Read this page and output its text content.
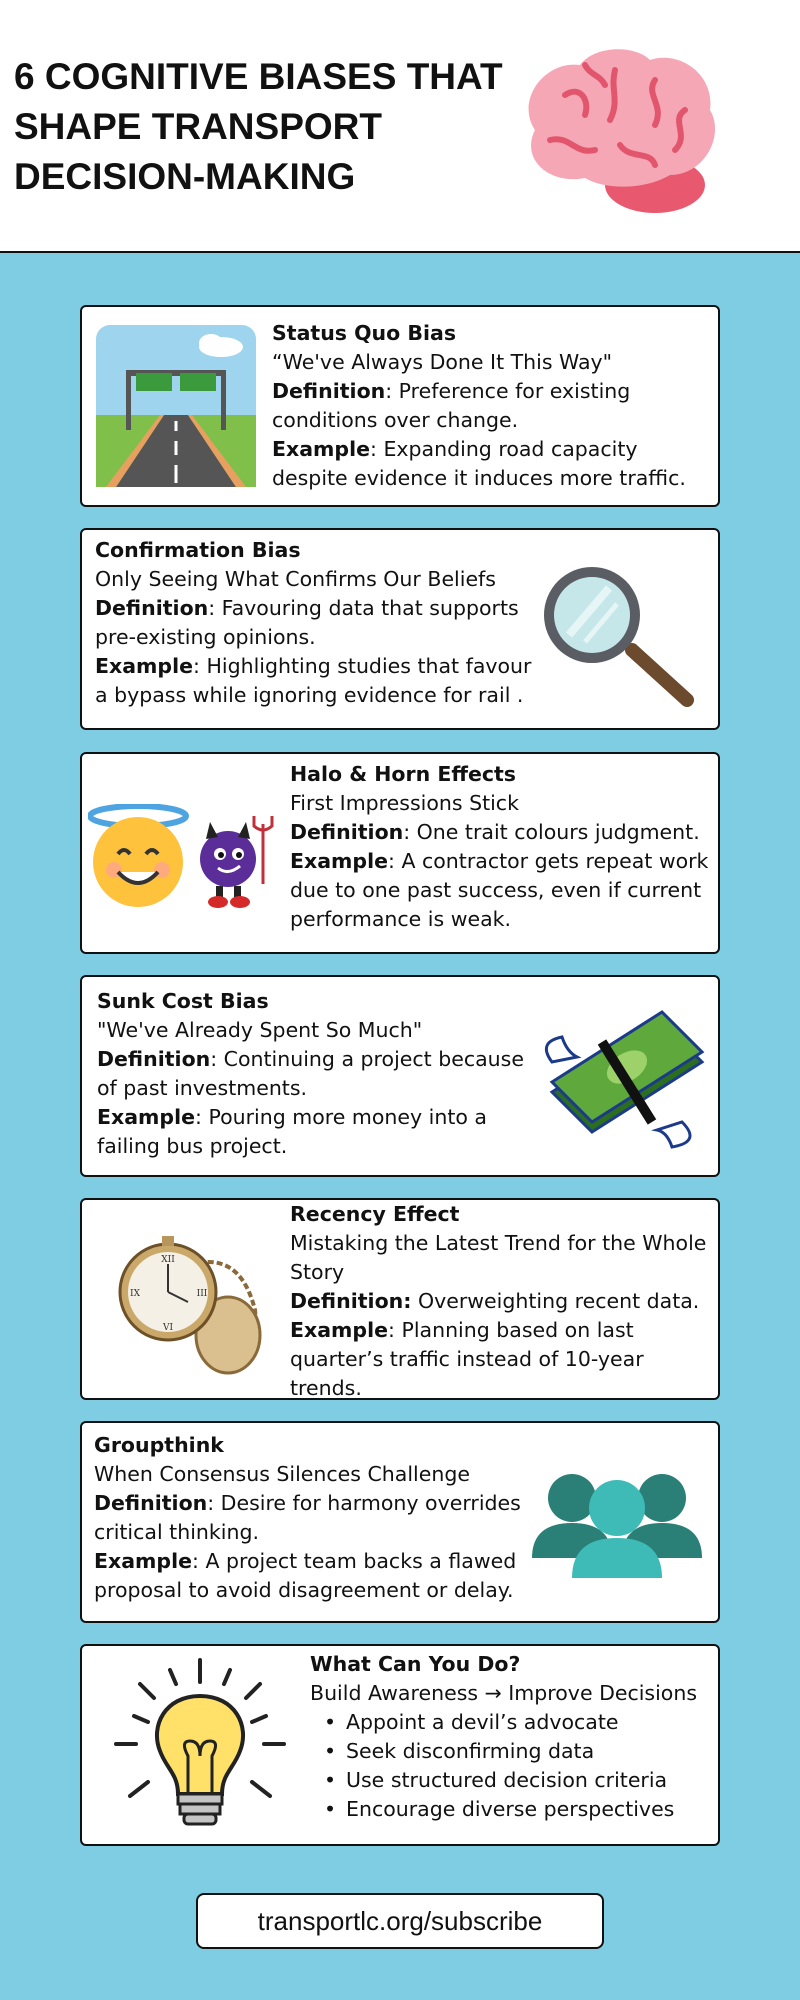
6 COGNITIVE BIASES THAT
SHAPE TRANSPORT
DECISION-MAKING
Status Quo Bias
“We've Always Done It This Way"
Definition: Preference for existing conditions over change.
Example: Expanding road capacity despite evidence it induces more traffic.
Confirmation Bias
Only Seeing What Confirms Our Beliefs
Definition: Favouring data that supports pre-existing opinions.
Example: Highlighting studies that favour a bypass while ignoring evidence for rail .
Halo & Horn Effects
First Impressions Stick
Definition: One trait colours judgment.
Example: A contractor gets repeat work due to one past success, even if current performance is weak.
Sunk Cost Bias
"We've Already Spent So Much"
Definition: Continuing a project because of past investments.
Example: Pouring more money into a failing bus project.
XII
III
VI
IX
Recency Effect
Mistaking the Latest Trend for the Whole Story
Definition: Overweighting recent data.
Example: Planning based on last quarter’s traffic instead of 10-year trends.
Groupthink
When Consensus Silences Challenge
Definition: Desire for harmony overrides critical thinking.
Example: A project team backs a flawed proposal to avoid disagreement or delay.
What Can You Do?
Build Awareness → Improve Decisions
• Appoint a devil’s advocate
• Seek disconfirming data
• Use structured decision criteria
• Encourage diverse perspectives
transportlc.org/subscribe
